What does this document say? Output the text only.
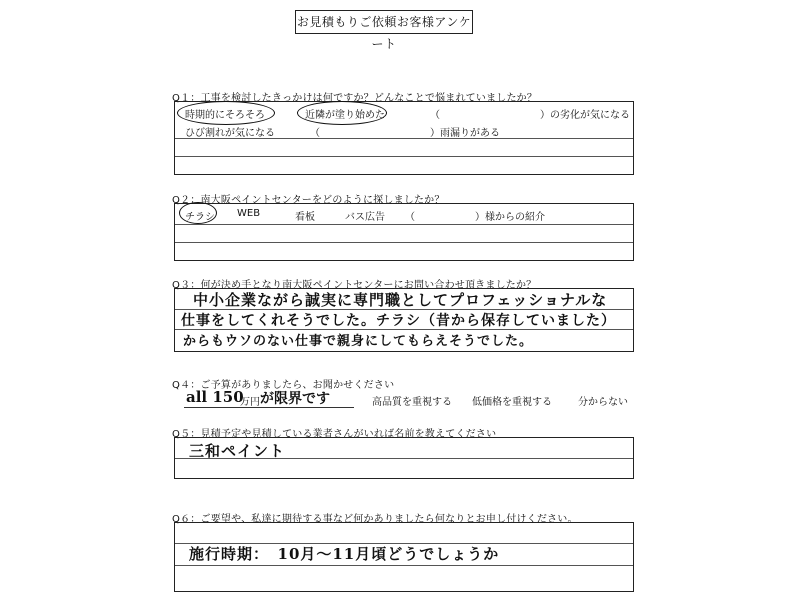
お見積もりご依頼お客様アンケート
Q１：工事を検討したきっかけは何ですか？どんなことで悩まれていましたか？
時期的にそろそろ	近隣が塗り始めた	（　　　　　　　　　　）の劣化が気になる
ひび割れが気になる	（　　　　　　　　　　　）雨漏りがある
Q２：南大阪ペイントセンターをどのように探しましたか？
チラシ WEB	看板	バス広告 （　　　　　　）様からの紹介
Q３：何が決め手となり南大阪ペイントセンターにお問い合わせ頂きましたか？
中小企業ながら誠実に専門職としてプロフェッショナルな
仕事をしてくれそうでした。チラシ（昔から保存していました）
からもウソのない仕事で親身にしてもらえそうでした。
Q４：ご予算がありましたら、お聞かせください
all 150
万円 が限界です	高品質を重視する 低価格を重視する	分からない
Q５：見積予定や見積している業者さんがいれば名前を教えてください
三和ペイント
Q６：ご要望や、私達に期待する事など何かありましたら何なりとお申し付けください。
施行時期：　10月〜11月頃どうでしょうか
